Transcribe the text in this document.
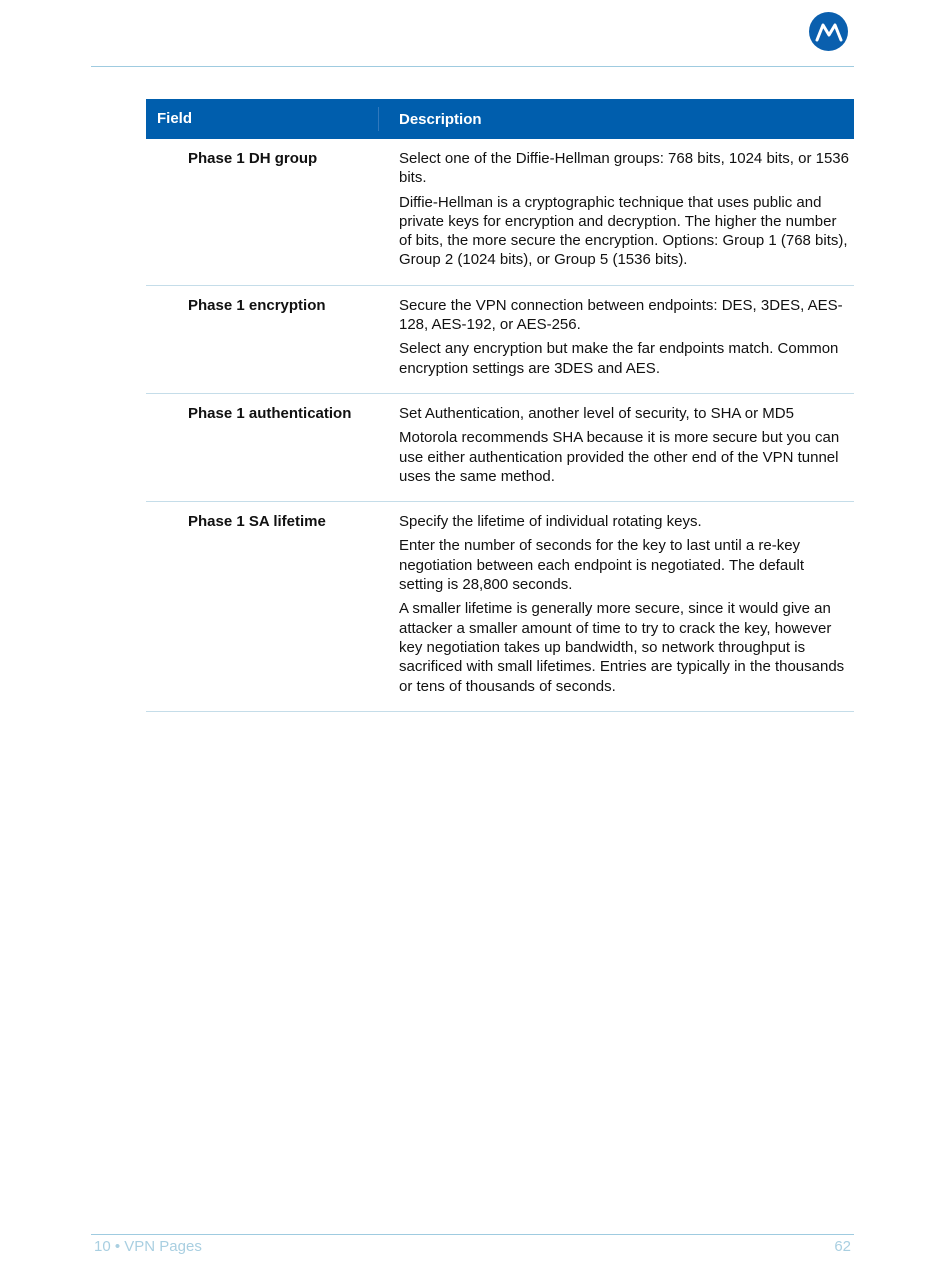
Field	Description
Phase 1 DH group	Select one of the Diffie-Hellman groups: 768 bits, 1024 bits, or 1536 bits.

Diffie-Hellman is a cryptographic technique that uses public and private keys for encryption and decryption. The higher the number of bits, the more secure the encryption. Options: Group 1 (768 bits), Group 2 (1024 bits), or Group 5 (1536 bits).

Phase 1 encryption	Secure the VPN connection between endpoints: DES, 3DES, AES-128, AES-192, or AES-256.

Select any encryption but make the far endpoints match. Common encryption settings are 3DES and AES.

Phase 1 authentication	Set Authentication, another level of security, to SHA or MD5

Motorola recommends SHA because it is more secure but you can use either authentication provided the other end of the VPN tunnel uses the same method.

Phase 1 SA lifetime	Specify the lifetime of individual rotating keys.

Enter the number of seconds for the key to last until a re-key negotiation between each endpoint is negotiated. The default setting is 28,800 seconds.

A smaller lifetime is generally more secure, since it would give an attacker a smaller amount of time to try to crack the key, however key negotiation takes up bandwidth, so network throughput is sacrificed with small lifetimes. Entries are typically in the thousands or tens of thousands of seconds.

10 • VPN Pages	62
